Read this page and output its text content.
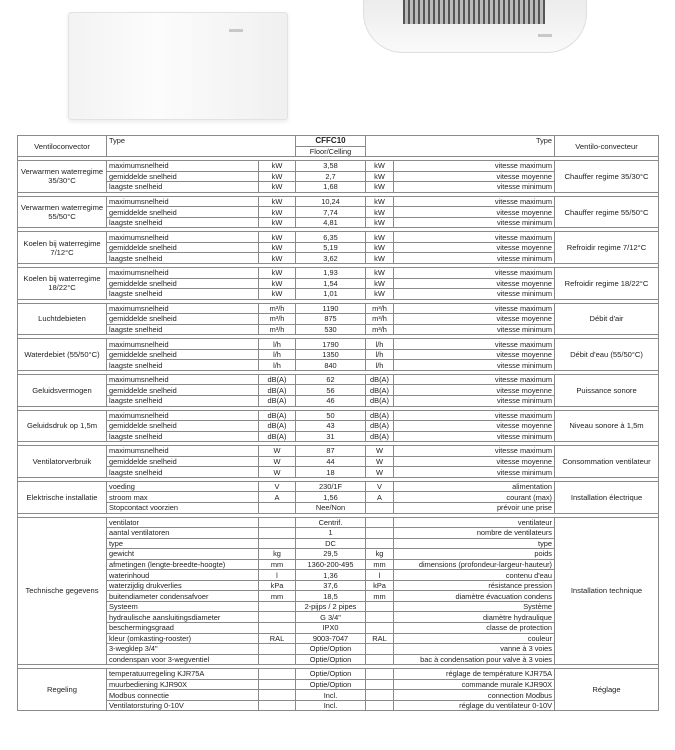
Ventiloconvector	Type		CFFC10	Type		Ventilo-convecteur
			Floor/Celling			

Verwarmen waterregime 35/30°C	maximumsnelheid	kW	3,58	kW	vitesse maximum	Chauffer regime 35/30°C
	gemiddelde snelheid	kW	2,7	kW	vitesse moyenne	
	laagste snelheid	kW	1,68	kW	vitesse minimum	

Verwarmen waterregime 55/50°C	maximumsnelheid	kW	10,24	kW	vitesse maximum	Chauffer regime 55/50°C
	gemiddelde snelheid	kW	7,74	kW	vitesse moyenne	
	laagste snelheid	kW	4,81	kW	vitesse minimum	

Koelen bij waterregime 7/12°C	maximumsnelheid	kW	6,35	kW	vitesse maximum	Refroidir regime 7/12°C
	gemiddelde snelheid	kW	5,19	kW	vitesse moyenne	
	laagste snelheid	kW	3,62	kW	vitesse minimum	

Koelen bij waterregime 18/22°C	maximumsnelheid	kW	1,93	kW	vitesse maximum	Refroidir regime 18/22°C
	gemiddelde snelheid	kW	1,54	kW	vitesse moyenne	
	laagste snelheid	kW	1,01	kW	vitesse minimum	

Luchtdebieten	maximumsnelheid	m³/h	1190	m³/h	vitesse maximum	Débit d'air
	gemiddelde snelheid	m³/h	875	m³/h	vitesse moyenne	
	laagste snelheid	m³/h	530	m³/h	vitesse minimum	

Waterdebiet (55/50°C)	maximumsnelheid	l/h	1790	l/h	vitesse maximum	Débit d'eau (55/50°C)
	gemiddelde snelheid	l/h	1350	l/h	vitesse moyenne	
	laagste snelheid	l/h	840	l/h	vitesse minimum	

Geluidsvermogen	maximumsnelheid	dB(A)	62	dB(A)	vitesse maximum	Puissance sonore
	gemiddelde snelheid	dB(A)	56	dB(A)	vitesse moyenne	
	laagste snelheid	dB(A)	46	dB(A)	vitesse minimum	

Geluidsdruk op 1,5m	maximumsnelheid	dB(A)	50	dB(A)	vitesse maximum	Niveau sonore à 1,5m
	gemiddelde snelheid	dB(A)	43	dB(A)	vitesse moyenne	
	laagste snelheid	dB(A)	31	dB(A)	vitesse minimum	

Ventilatorverbruik	maximumsnelheid	W	87	W	vitesse maximum	Consommation ventilateur
	gemiddelde snelheid	W	44	W	vitesse moyenne	
	laagste snelheid	W	18	W	vitesse minimum	

Elektrische installatie	voeding	V	230/1F	V	alimentation	Installation électrique
	stroom max	A	1,56	A	courant (max)	
	Stopcontact voorzien		Nee/Non		prévoir une prise	

Technische gegevens	ventilator		Centrif.		ventilateur	Installation technique
	aantal ventilatoren		1		nombre de ventilateurs	
	type		DC		type	
	gewicht	kg	29,5	kg	poids	
	afmetingen (lengte-breedte-hoogte)	mm	1360-200-495	mm	dimensions (profondeur-largeur-hauteur)	
	waterinhoud	l	1,36	l	contenu d'eau	
	waterzijdig drukverlies	kPa	37,6	kPa	résistance pression	
	buitendiameter condensafvoer	mm	18,5	mm	diamètre évacuation condens	
	Systeem		2-pijps / 2 pipes		Système	
	hydraulische aansluitingsdiameter		G 3/4"		diamètre hydraulique	
	beschermingsgraad		IPX0		classe de protection	
	kleur (omkasting-rooster)	RAL	9003-7047	RAL	couleur	
	3-wegklep 3/4"		Optie/Option		vanne à 3 voies	
	condenspan voor 3-wegventiel		Optie/Option		bac à condensation pour valve à 3 voies	

Regeling	temperatuurregeling KJR75A		Optie/Option		réglage de température KJR75A	Réglage
	muurbediening KJR90X		Optie/Option		commande murale KJR90X	
	Modbus connectie		Incl.		connection Modbus	
	Ventilatorsturing 0-10V		Incl.		réglage du ventilateur 0-10V	
